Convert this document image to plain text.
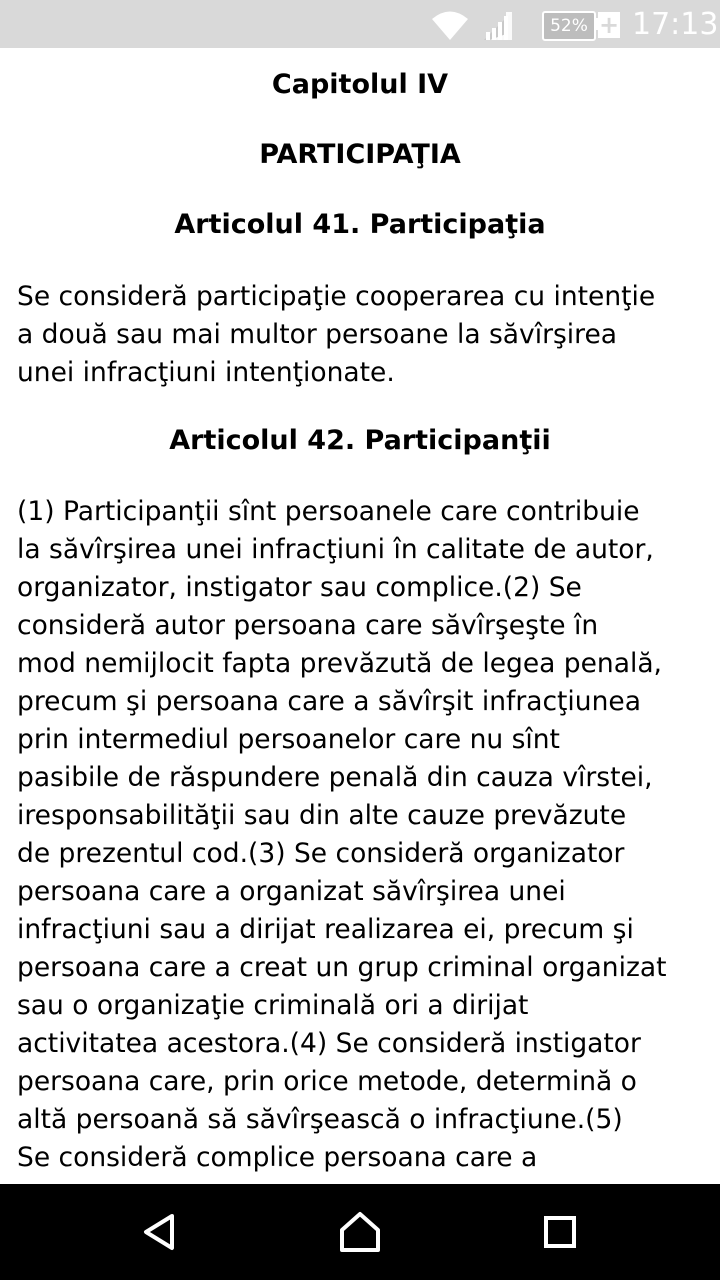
52% + 17:13
Capitolul IV
PARTICIPAŢIA
Articolul 41. Participaţia

Se consideră participaţie cooperarea cu intenţie
a două sau mai multor persoane la săvîrşirea
unei infracţiuni intenţionate.

Articolul 42. Participanţii

(1) Participanţii sînt persoanele care contribuie
la săvîrşirea unei infracţiuni în calitate de autor,
organizator, instigator sau complice.(2) Se
consideră autor persoana care săvîrşeşte în
mod nemijlocit fapta prevăzută de legea penală,
precum şi persoana care a săvîrşit infracţiunea
prin intermediul persoanelor care nu sînt
pasibile de răspundere penală din cauza vîrstei,
iresponsabilităţii sau din alte cauze prevăzute
de prezentul cod.(3) Se consideră organizator
persoana care a organizat săvîrşirea unei
infracţiuni sau a dirijat realizarea ei, precum şi
persoana care a creat un grup criminal organizat
sau o organizaţie criminală ori a dirijat
activitatea acestora.(4) Se consideră instigator
persoana care, prin orice metode, determină o
altă persoană să săvîrşească o infracţiune.(5)
Se consideră complice persoana care a
